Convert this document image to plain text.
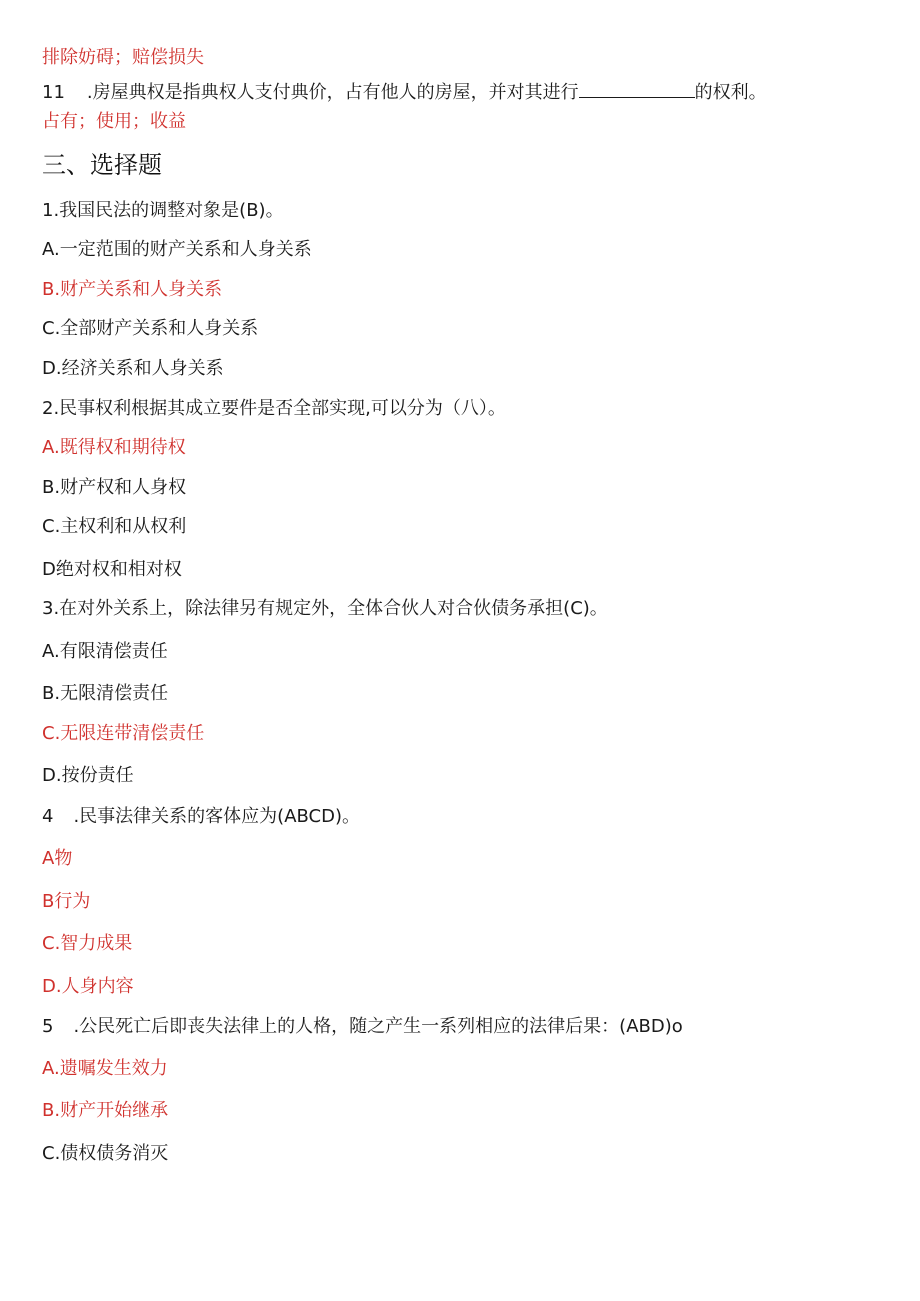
排除妨碍；赔偿损失
11 .房屋典权是指典权人支付典价，占有他人的房屋，并对其进行	的权利。
占有；使用；收益
三、选择题
1.我国民法的调整对象是(B)。
A.一定范围的财产关系和人身关系
B.财产关系和人身关系
C.全部财产关系和人身关系
D.经济关系和人身关系
2.民事权利根据其成立要件是否全部实现,可以分为（八）。
A.既得权和期待权
B.财产权和人身权
C.主权利和从权利
D绝对权和相对权
3.在对外关系上，除法律另有规定外，全体合伙人对合伙债务承担(C)。
A.有限清偿责任
B.无限清偿责任
C.无限连带清偿责任
D.按份责任
4 .民事法律关系的客体应为(ABCD)。
A物
B行为
C.智力成果
D.人身内容
5 .公民死亡后即丧失法律上的人格，随之产生一系列相应的法律后果：(ABD)o
A.遗嘱发生效力
B.财产开始继承
C.债权债务消灭
